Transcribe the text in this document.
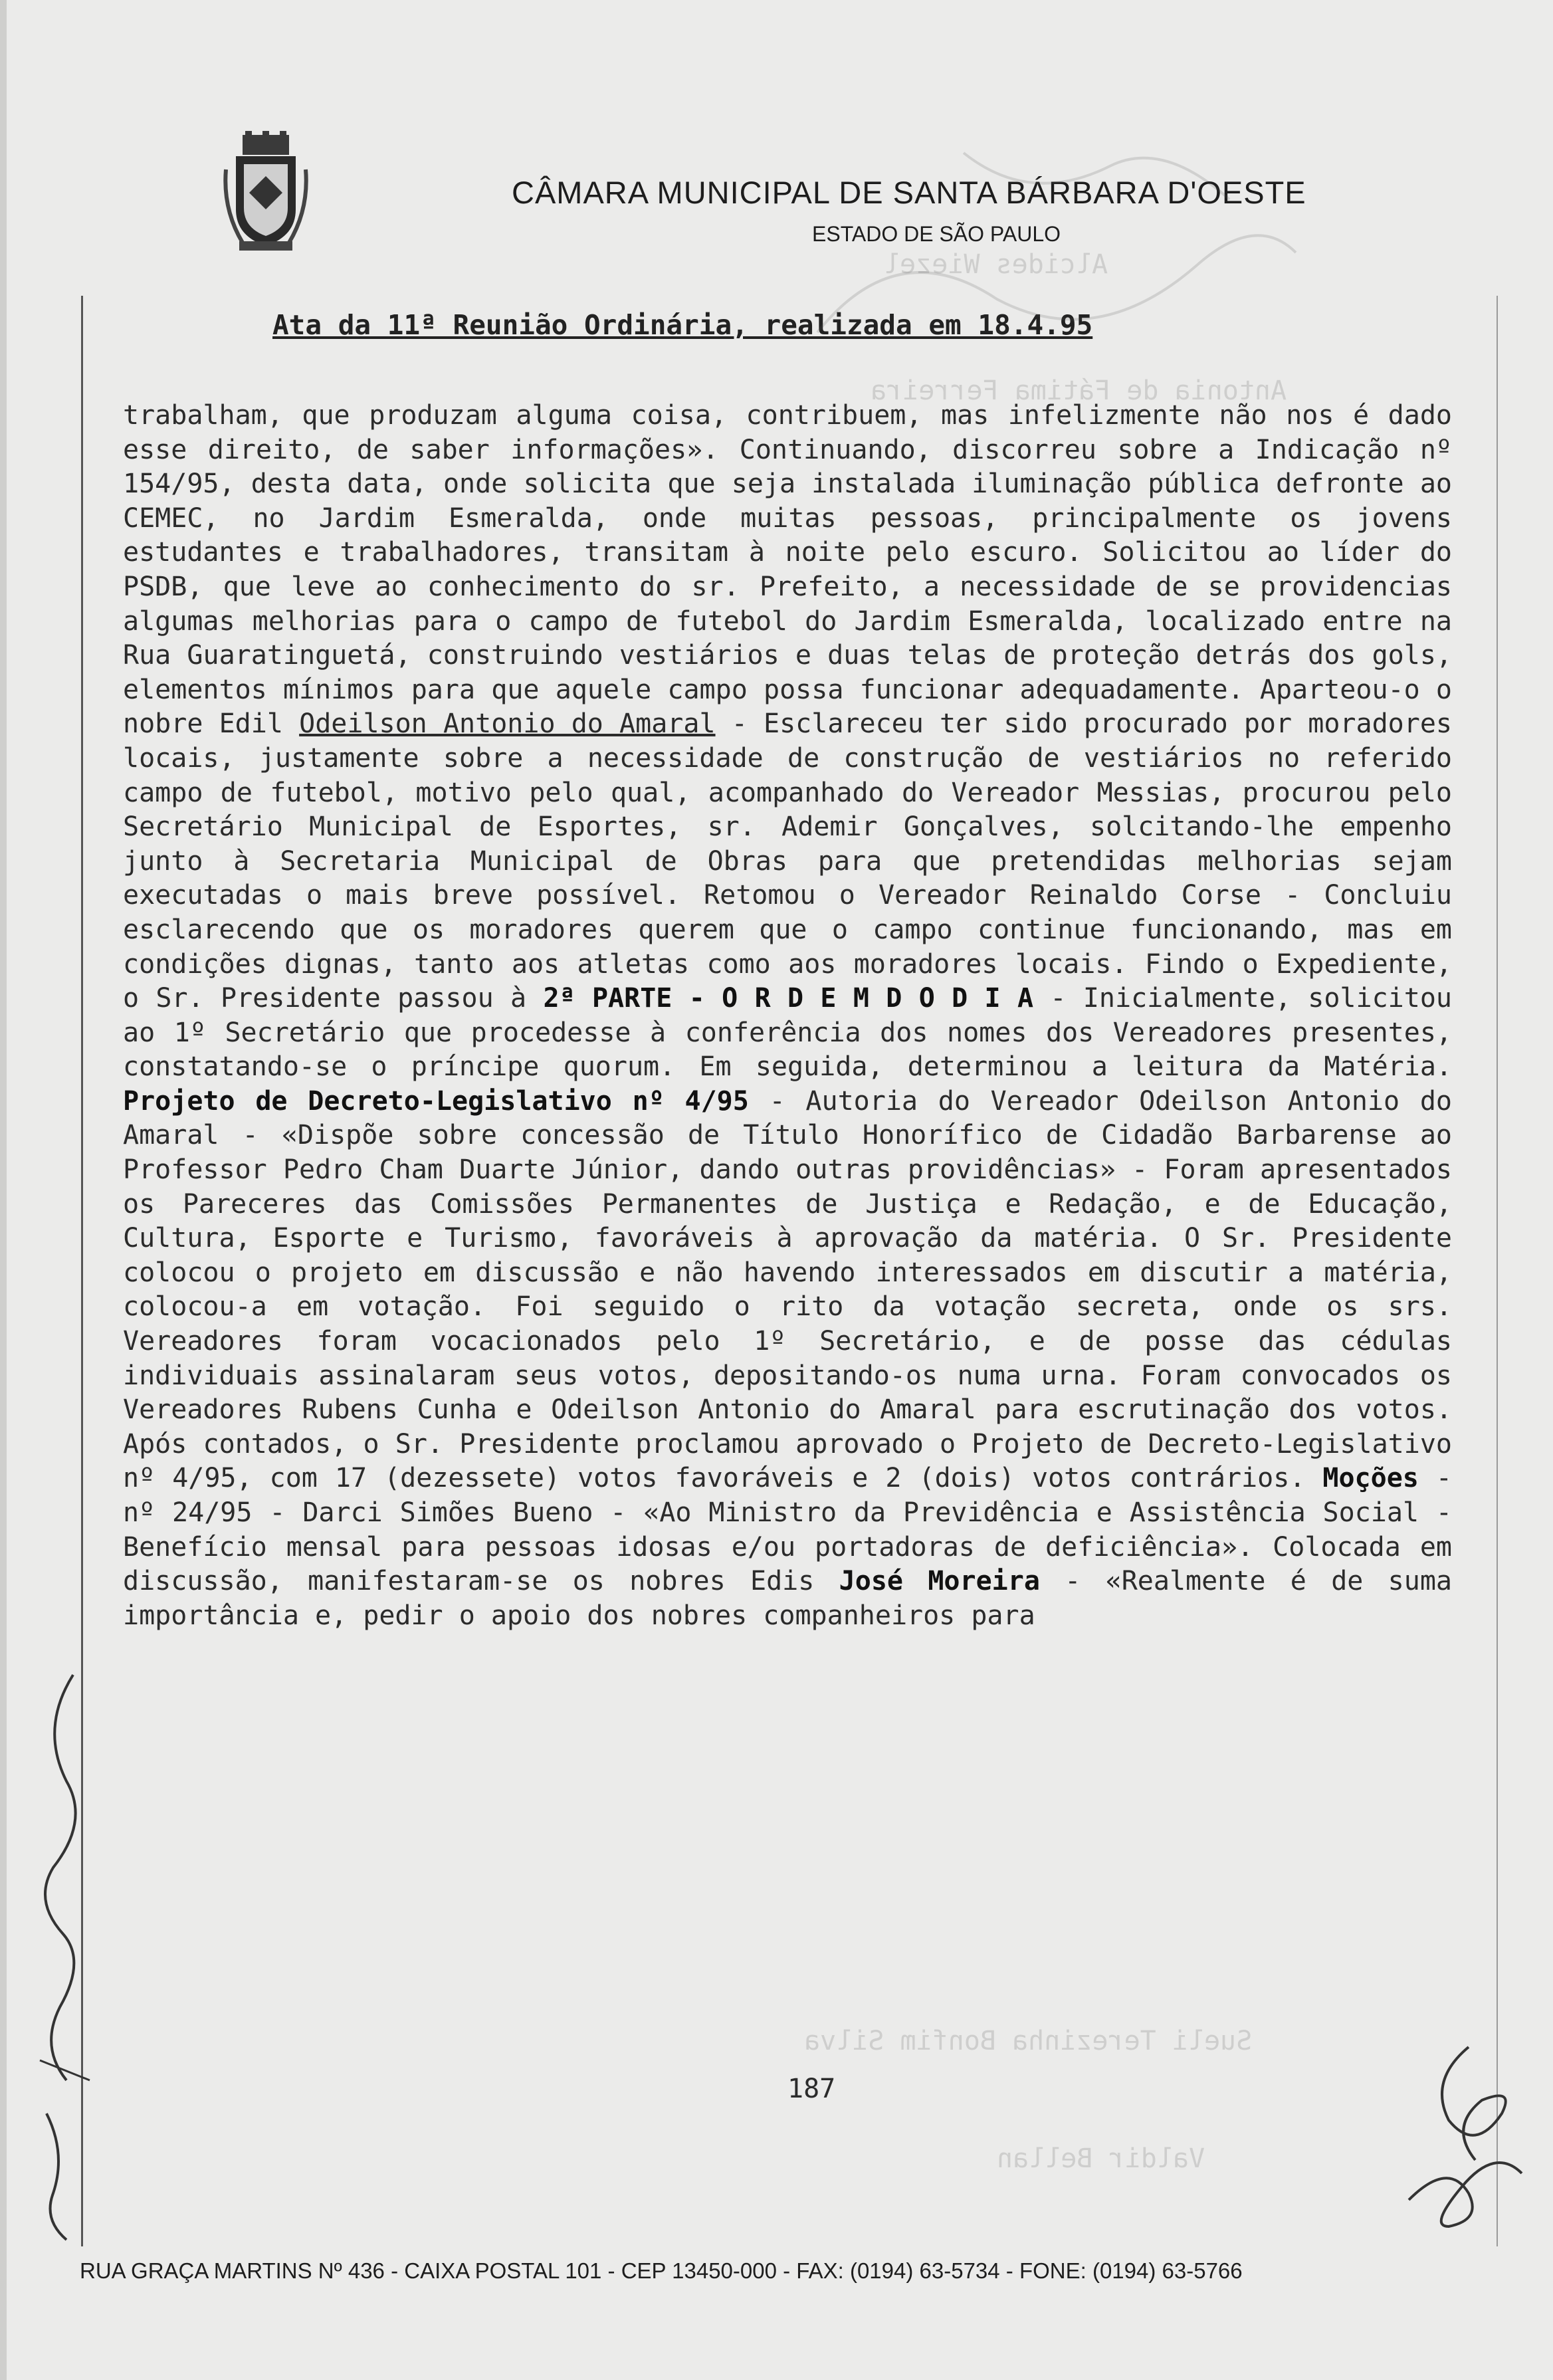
Alcides Wiezel
Antonia de Fátima Ferreira
Sueli Terezinha Bonfim Silva
Valdir Bellan
CÂMARA MUNICIPAL DE SANTA BÁRBARA D'OESTE
ESTADO DE SÃO PAULO
Ata da 11ª Reunião Ordinária, realizada em 18.4.95

trabalham, que produzam alguma coisa, contribuem, mas infelizmente não nos é dado esse direito, de saber informações». Continuando, discorreu sobre a Indicação nº 154/95, desta data, onde solicita que seja instalada iluminação pública defronte ao CEMEC, no Jardim Esmeralda, onde muitas pessoas, principalmente os jovens estudantes e trabalhadores, transitam à noite pelo escuro. Solicitou ao líder do PSDB, que leve ao conhecimento do sr. Prefeito, a necessidade de se providencias algumas melhorias para o campo de futebol do Jardim Esmeralda, localizado entre na Rua Guaratinguetá, construindo vestiários e duas telas de proteção detrás dos gols, elementos mínimos para que aquele campo possa funcionar adequadamente. Aparteou-o o nobre Edil Odeilson Antonio do Amaral - Esclareceu ter sido procurado por moradores locais, justamente sobre a necessidade de construção de vestiários no referido campo de futebol, motivo pelo qual, acompanhado do Vereador Messias, procurou pelo Secretário Municipal de Esportes, sr. Ademir Gonçalves, solcitando-lhe empenho junto à Secretaria Municipal de Obras para que pretendidas melhorias sejam executadas o mais breve possível. Retomou o Vereador Reinaldo Corse - Concluiu esclarecendo que os moradores querem que o campo continue funcionando, mas em condições dignas, tanto aos atletas como aos moradores locais. Findo o Expediente, o Sr. Presidente passou à 2ª PARTE - O R D E M D O D I A - Inicialmente, solicitou ao 1º Secretário que procedesse à conferência dos nomes dos Vereadores presentes, constatando-se o príncipe quorum. Em seguida, determinou a leitura da Matéria. Projeto de Decreto-Legislativo nº 4/95 - Autoria do Vereador Odeilson Antonio do Amaral - «Dispõe sobre concessão de Título Honorífico de Cidadão Barbarense ao Professor Pedro Cham Duarte Júnior, dando outras providências» - Foram apresentados os Pareceres das Comissões Permanentes de Justiça e Redação, e de Educação, Cultura, Esporte e Turismo, favoráveis à aprovação da matéria. O Sr. Presidente colocou o projeto em discussão e não havendo interessados em discutir a matéria, colocou-a em votação. Foi seguido o rito da votação secreta, onde os srs. Vereadores foram vocacionados pelo 1º Secretário, e de posse das cédulas individuais assinalaram seus votos, depositando-os numa urna. Foram convocados os Vereadores Rubens Cunha e Odeilson Antonio do Amaral para escrutinação dos votos. Após contados, o Sr. Presidente proclamou aprovado o Projeto de Decreto-Legislativo nº 4/95, com 17 (dezessete) votos favoráveis e 2 (dois) votos contrários. Moções - nº 24/95 - Darci Simões Bueno - «Ao Ministro da Previdência e Assistência Social - Benefício mensal para pessoas idosas e/ou portadoras de deficiência». Colocada em discussão, manifestaram-se os nobres Edis José Moreira - «Realmente é de suma importância e, pedir o apoio dos nobres companheiros para

187
RUA GRAÇA MARTINS Nº 436 - CAIXA POSTAL 101 - CEP 13450-000 - FAX: (0194) 63-5734 - FONE: (0194) 63-5766
